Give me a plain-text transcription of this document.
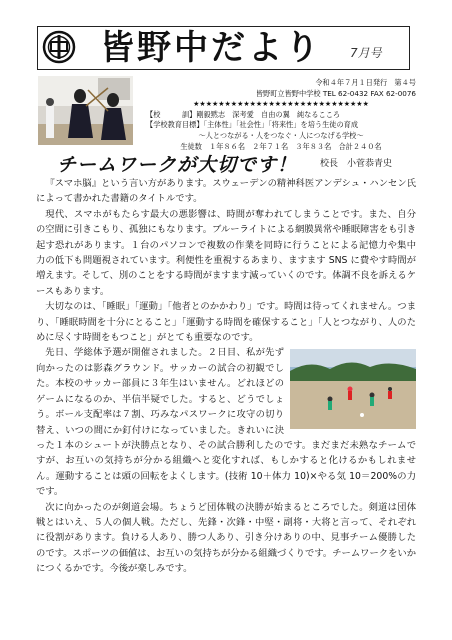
皆野中だより 7月号
令和４年７月１日発行　第４号
皆野町立皆野中学校 TEL 62-0432 FAX 62-0076
★★★★★★★★★★★★★★★★★★★★★★★★★★★★
【校　　　訓】剛毅黙志　深考愛　自由の翼　純なるこころ
【学校教育目標】「主体性」「社会性」「将来性」を培う生徒の育成
～人とつながる・人をつなぐ・人につなげる学校～
生徒数　１年８６名　２年７１名　３年８３名　合計２４０名
チームワークが大切です！	校長　小菅恭青史

『スマホ脳』という言い方があります。スウェーデンの精神科医アンデシュ・ハンセン氏によって書かれた書籍のタイトルです。

現代、スマホがもたらす最大の悪影響は、時間が奪われてしまうことです。また、自分の空間に引きこもり、孤独にもなります。ブルーライトによる網膜異常や睡眠障害をも引き起す恐れがあります。１台のパソコンで複数の作業を同時に行うことによる記憶力や集中力の低下も問題視されています。利便性を重視するあまり、ますます SNS に費やす時間が増えます。そして、別のことをする時間がますます減っていくのです。体調不良を訴えるケースもあります。

大切なのは、「睡眠」「運動」「他者とのかかわり」です。時間は待ってくれません。つまり、「睡眠時間を十分にとること」「運動する時間を確保すること」「人とつながり、人のために尽くす時間をもつこと」がとても重要なのです。

先日、学総体予選が開催されました。２日目、私が先ず向かったのは影森グラウンド。サッカーの試合の初観でした。本校のサッカー部員に３年生はいません。どれほどのゲームになるのか、半信半疑でした。すると、どうでしょう。ボール支配率は７割、巧みなパスワークに攻守の切り替え、いつの間にか釘付けになっていました。きれいに決った１本のシュートが決勝点となり、その試合勝利したのです。まだまだ未熟なチームですが、お互いの気持ちが分かる組織へと変化すれば、もしかすると化けるかもしれません。運動することは頭の回転をよくします。(技術 10＋体力 10)×やる気 10＝200%の力です。

次に向かったのが剣道会場。ちょうど団体戦の決勝が始まるところでした。剣道は団体戦とはいえ、５人の個人戦。ただし、先鋒・次鋒・中堅・副将・大将と言って、それぞれに役割があります。負ける人あり、勝つ人あり、引き分けありの中、見事チーム優勝したのです。スポーツの価値は、お互いの気持ちが分かる組織づくりです。チームワークをいかにつくるかです。今後が楽しみです。
